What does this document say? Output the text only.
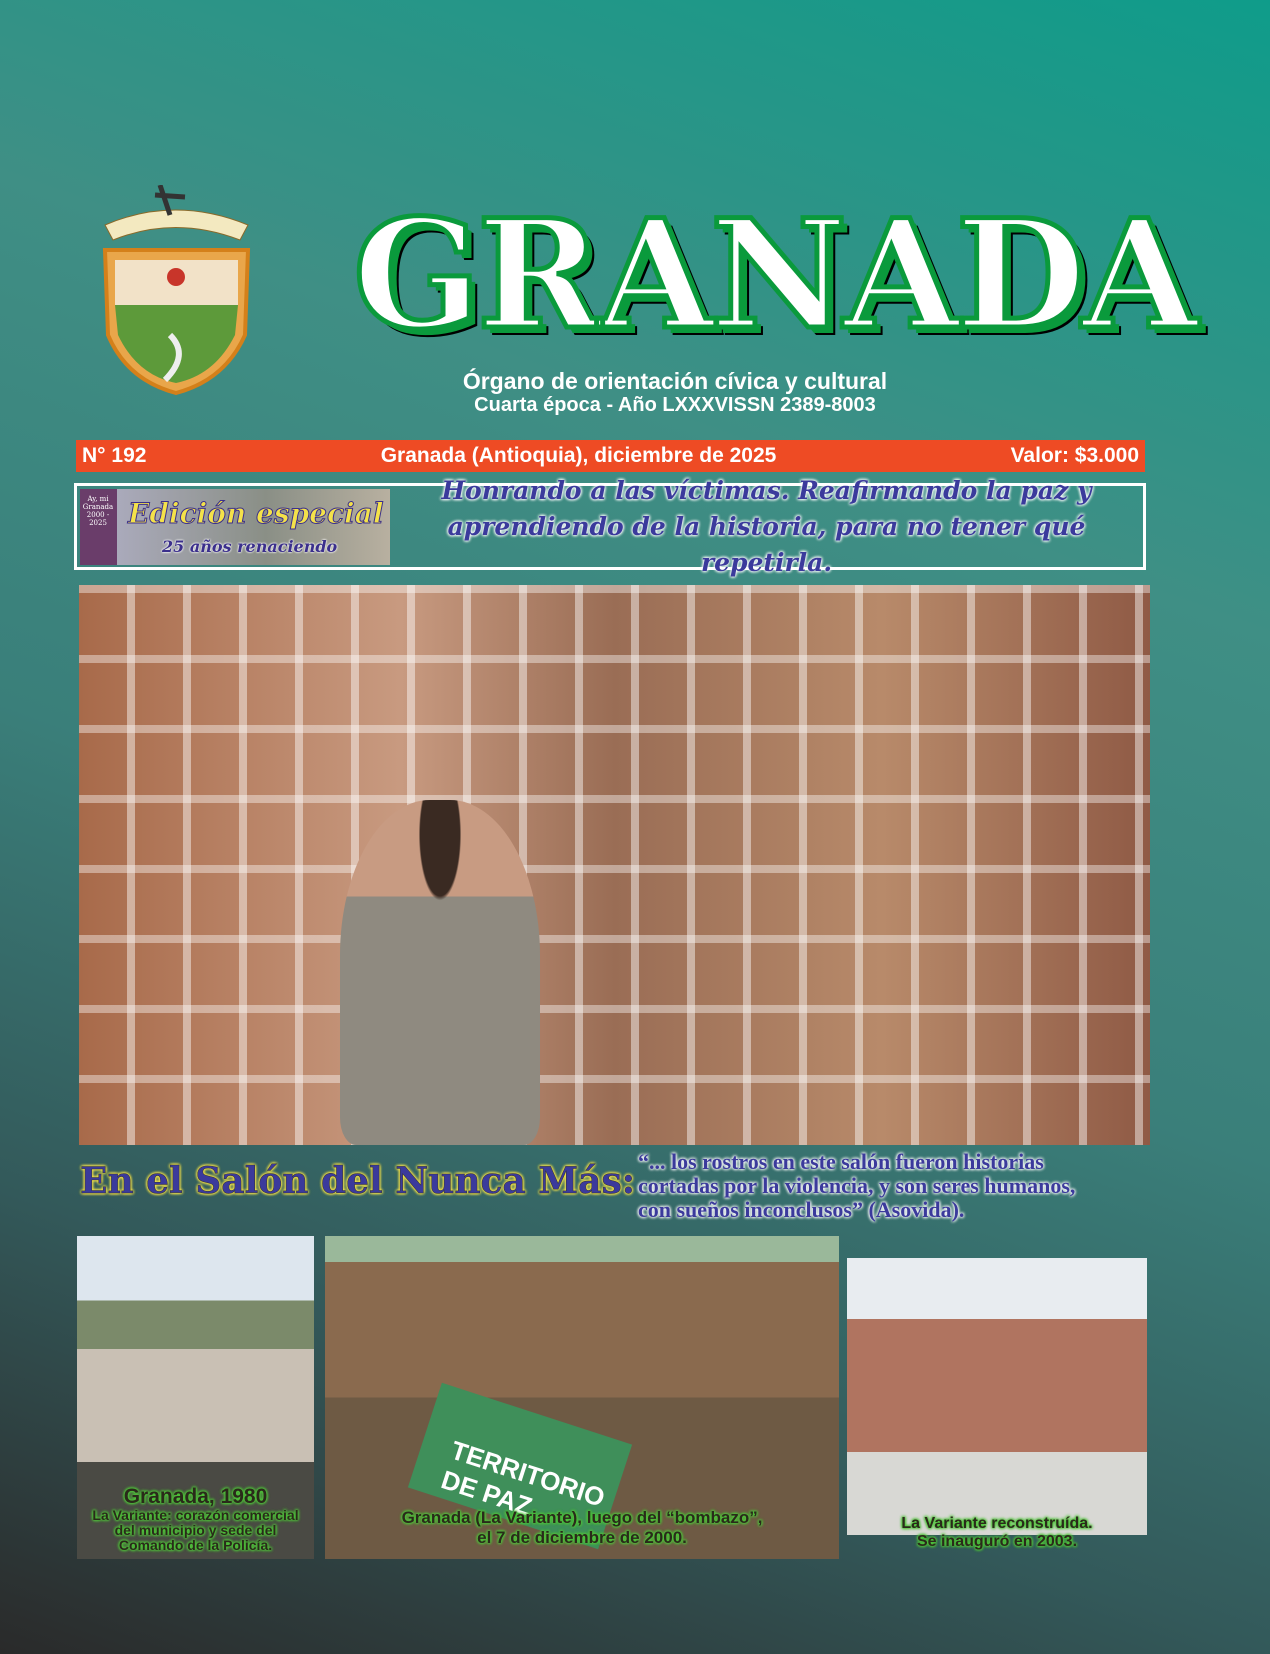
GRANADA
Órgano de orientación cívica y cultural
Cuarta época - Año LXXXVISSN 2389-8003
N° 192	Granada (Antioquia), diciembre de 2025	Valor: $3.000
Ay, mi Granada 2000 - 2025 Edición especial
25 años renaciendo
Honrando a las víctimas. Reafirmando la paz y
aprendiendo de la historia, para no tener qué repetirla.
En el Salón del Nunca Más: “... los rostros en este salón fueron historias
cortadas por la violencia, y son seres humanos,
con sueños inconclusos” (Asovida).
Granada, 1980
La Variante: corazón comercial
del municipio y sede del
Comando de la Policía.
TERRITORIO DE PAZ
Granada (La Variante), luego del “bombazo”,
el 7 de diciembre de 2000.
La Variante reconstruída.
Se inauguró en 2003.
